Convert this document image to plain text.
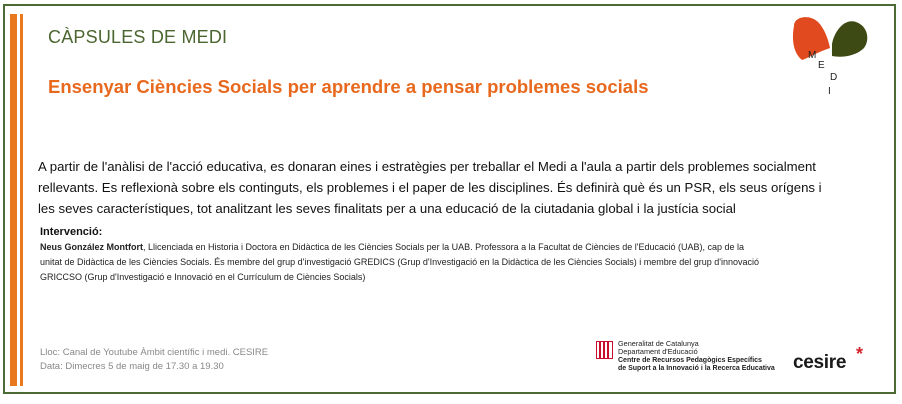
CÀPSULES DE MEDI
Ensenyar Ciències Socials per aprendre a pensar problemes socials
M
E
D
I
A partir de l'anàlisi de l'acció educativa, es donaran eines i estratègies per treballar el Medi a l'aula a partir dels problemes socialment
rellevants. Es reflexionà sobre els continguts, els problemes i el paper de les disciplines. És definirà què és un PSR, els seus orígens i
les seves característiques, tot analitzant les seves finalitats per a una educació de la ciutadania global i la justícia social
Intervenció:
Neus González Montfort, Llicenciada en Historia i Doctora en Didàctica de les Ciències Socials per la UAB. Professora a la Facultat de Ciències de l'Educació (UAB), cap de la
unitat de Didàctica de les Ciències Socials. És membre del grup d'investigació GREDICS (Grup d'Investigació en la Didàctica de les Ciències Socials) i membre del grup d'innovació
GRICCSO (Grup d'Investigació e Innovació en el Currículum de Ciències Socials)
Lloc: Canal de Youtube Àmbit científic i medi. CESIRE
Data: Dimecres 5 de maig de 17.30 a 19.30
Generalitat de Catalunya
Departament d'Educació
Centre de Recursos Pedagògics Específics
de Suport a la Innovació i la Recerca Educativa cesire *
